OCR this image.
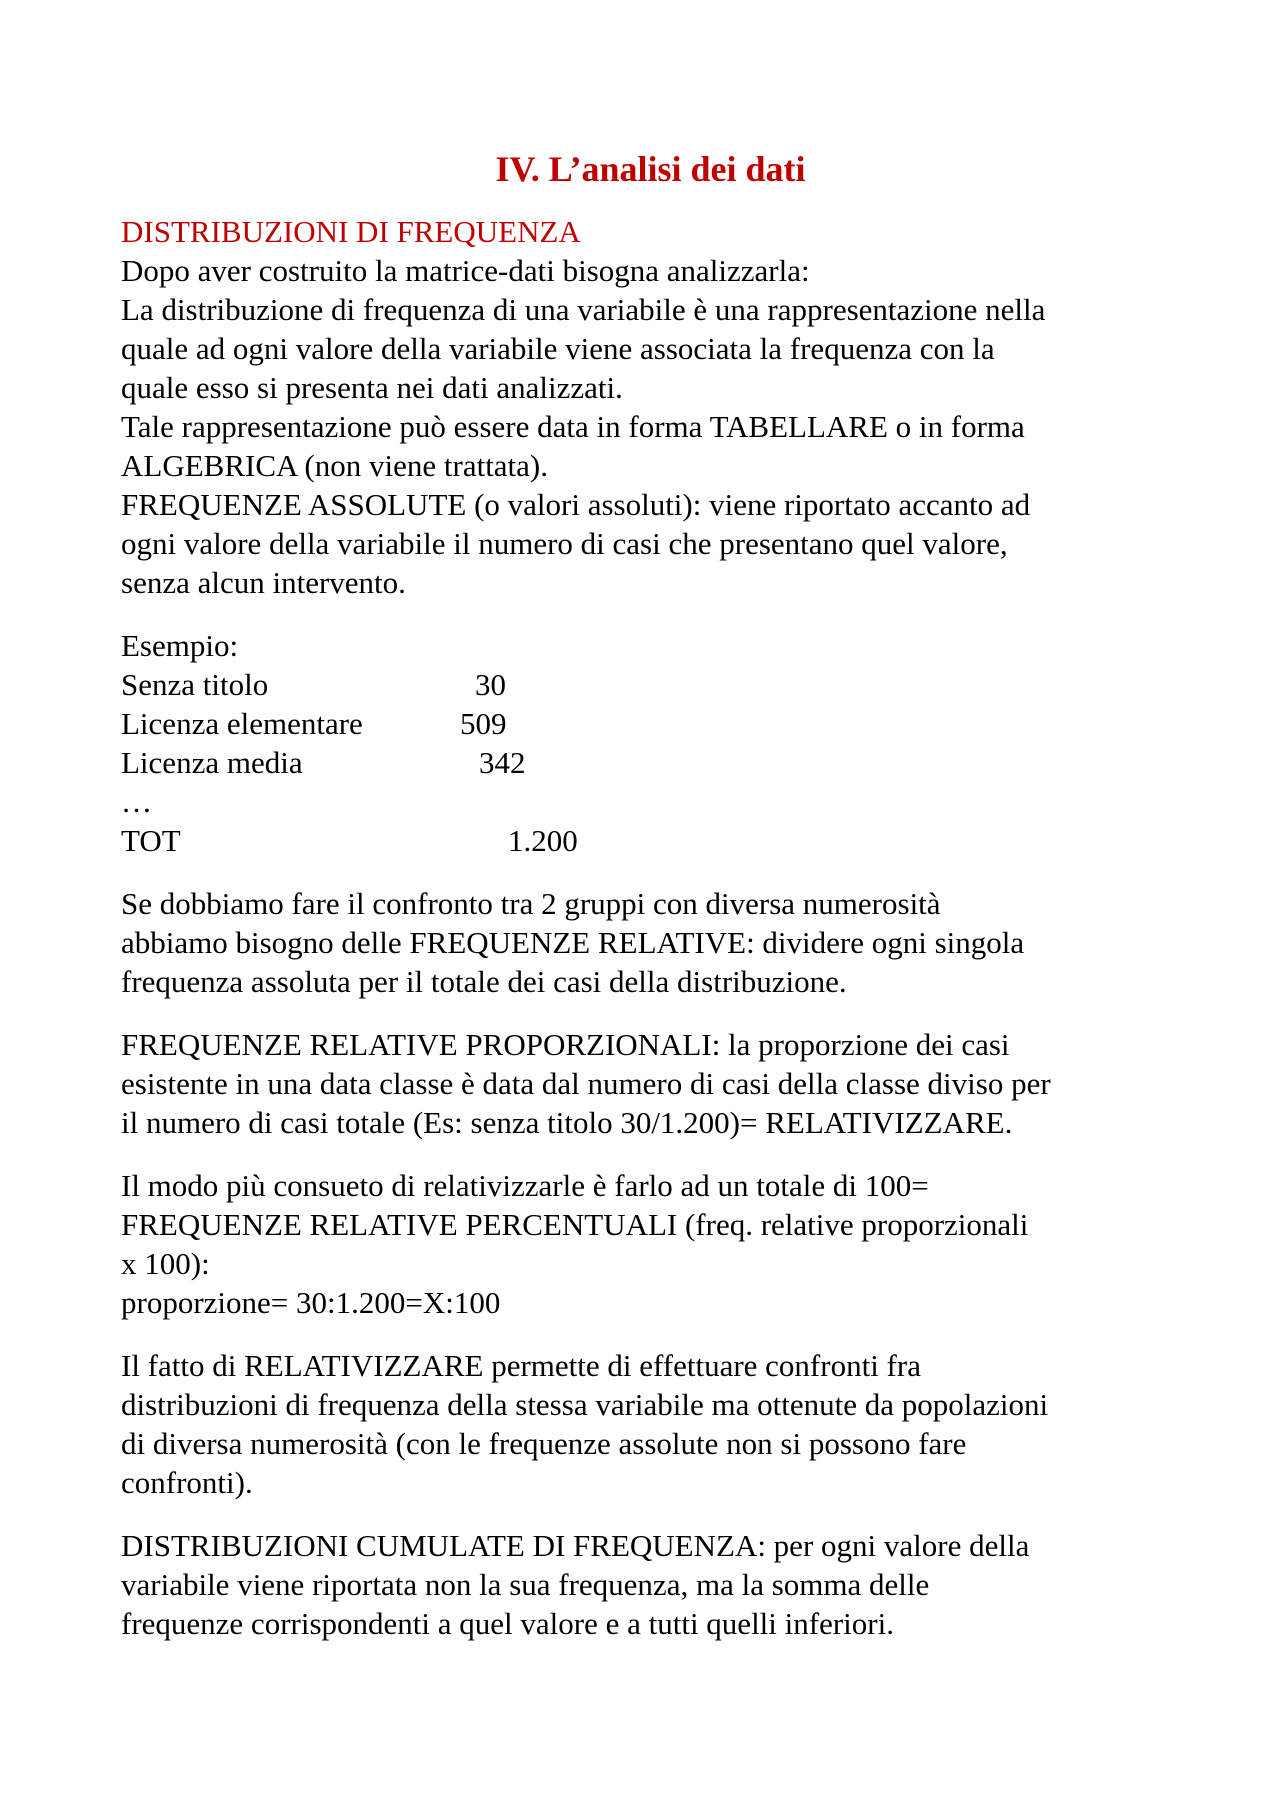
IV. L’analisi dei dati
DISTRIBUZIONI DI FREQUENZA
Dopo aver costruito la matrice-dati bisogna analizzarla:
La distribuzione di frequenza di una variabile è una rappresentazione nella
quale ad ogni valore della variabile viene associata la frequenza con la
quale esso si presenta nei dati analizzati.
Tale rappresentazione può essere data in forma TABELLARE o in forma
ALGEBRICA (non viene trattata).
FREQUENZE ASSOLUTE (o valori assoluti): viene riportato accanto ad
ogni valore della variabile il numero di casi che presentano quel valore,
senza alcun intervento.
Esempio:
Senza titolo	30
Licenza elementare	509
Licenza media	342
…
TOT	1.200
Se dobbiamo fare il confronto tra 2 gruppi con diversa numerosità
abbiamo bisogno delle FREQUENZE RELATIVE: dividere ogni singola
frequenza assoluta per il totale dei casi della distribuzione.
FREQUENZE RELATIVE PROPORZIONALI: la proporzione dei casi
esistente in una data classe è data dal numero di casi della classe diviso per
il numero di casi totale (Es: senza titolo 30/1.200)= RELATIVIZZARE.
Il modo più consueto di relativizzarle è farlo ad un totale di 100=
FREQUENZE RELATIVE PERCENTUALI (freq. relative proporzionali
x 100):
proporzione= 30:1.200=X:100
Il fatto di RELATIVIZZARE permette di effettuare confronti fra
distribuzioni di frequenza della stessa variabile ma ottenute da popolazioni
di diversa numerosità (con le frequenze assolute non si possono fare
confronti).
DISTRIBUZIONI CUMULATE DI FREQUENZA: per ogni valore della
variabile viene riportata non la sua frequenza, ma la somma delle
frequenze corrispondenti a quel valore e a tutti quelli inferiori.
